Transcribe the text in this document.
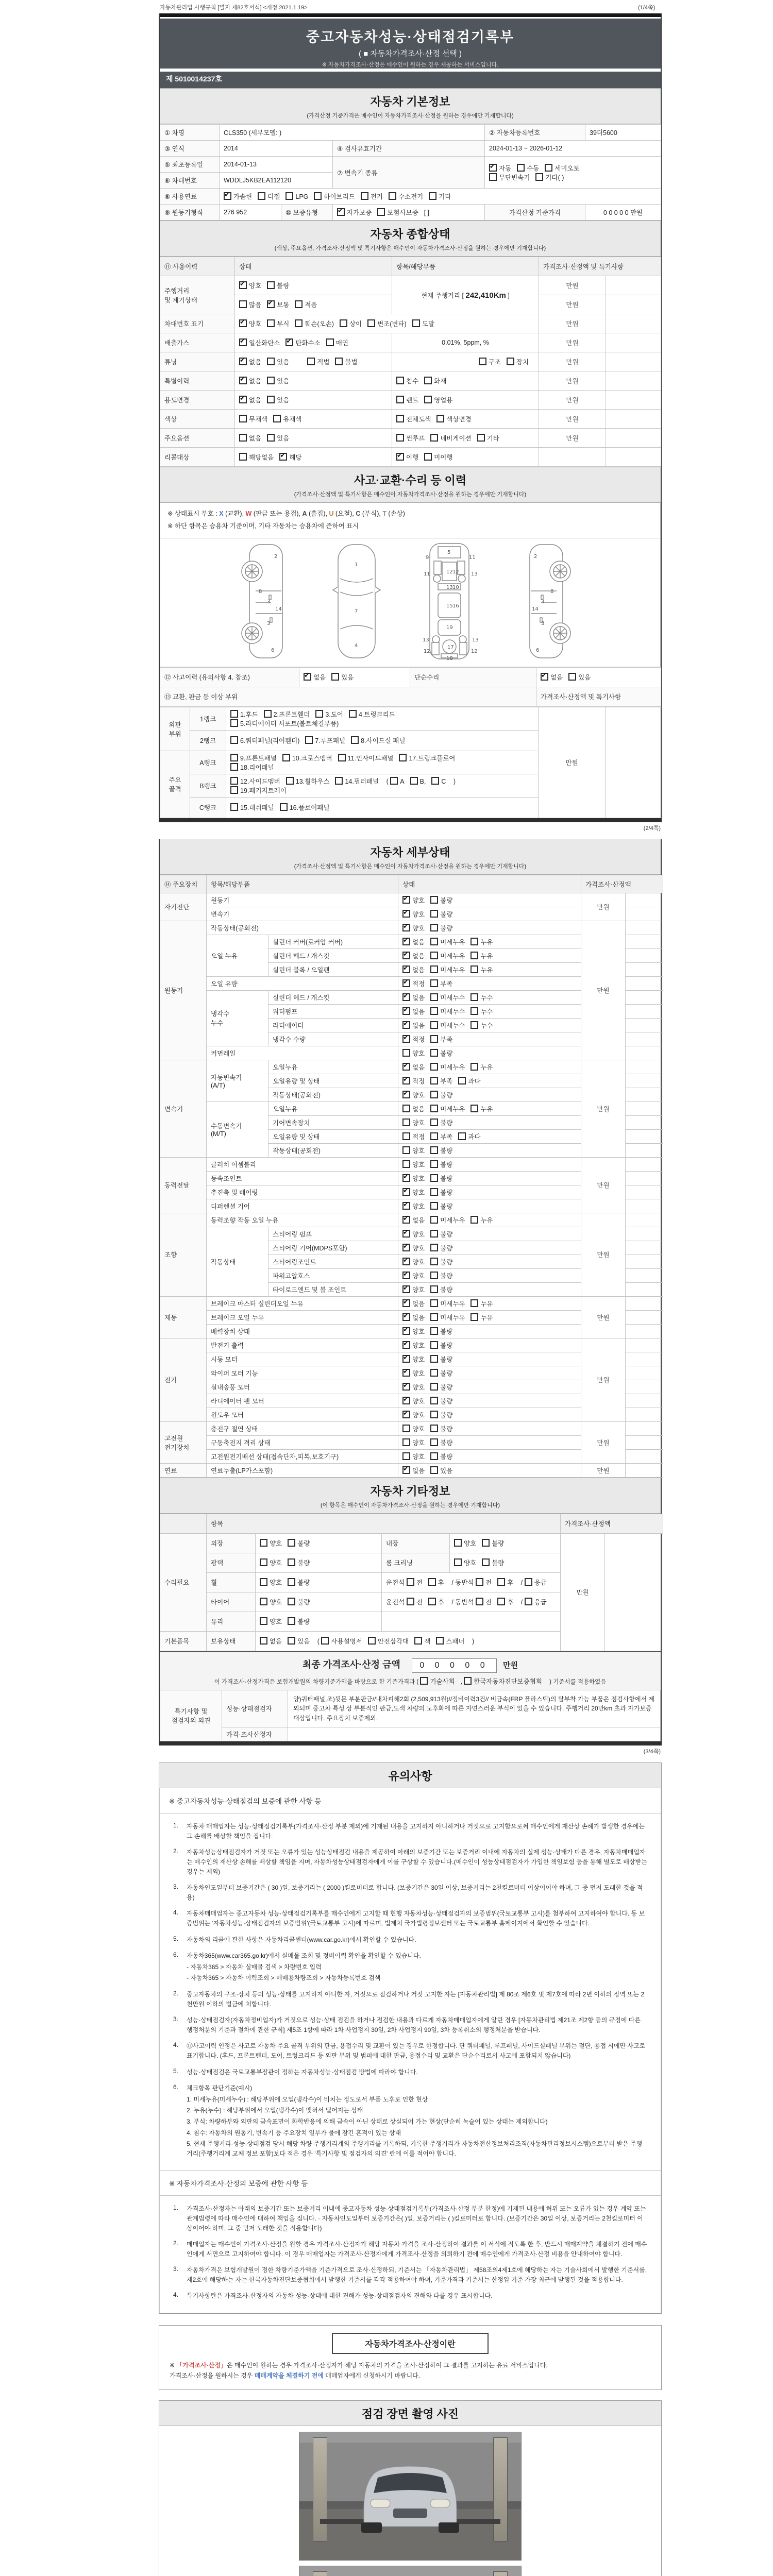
자동차관리법 시행규칙 [별지 제82호서식] <개정 2021.1.19>	(1/4쪽)
중고자동차성능·상태점검기록부
( ■ 자동차가격조사·산정 선택 )
※ 자동차가격조사·산정은 매수인이 원하는 경우 제공하는 서비스입니다.
제 5010014237호
자동차 기본정보
(가격산정 기준가격은 매수인이 자동차가격조사·산정을 원하는 경우에만 기재합니다)
① 차명	CLS350 (세부모델: )			② 자동차등록번호	39더5600
③ 연식	2014		④ 검사유효기간	2024-01-13 ~ 2026-01-12	
⑤ 최초등록일	2014-01-13		⑦ 변속기 종류	✔자동 수동 세미오토
무단변속기 기타( )
⑥ 차대번호	WDDLJ5KB2EA112120				
⑧ 사용연료	✔가솔린 디젤 LPG 하이브리드 전기 수소전기 기타
⑨ 원동기형식	276 952	⑩ 보증유형	✔자가보증 보험사보증 [ ]	가격산정 기준가격	0 0 0 0 0 만원
자동차 종합상태
(색상, 주요옵션, 가격조사·산정액 및 특기사항은 매수인이 자동차가격조사·산정을 원하는 경우에만 기재합니다)
⑪ 사용이력	상태	항목/해당부품	가격조사·산정액 및 특기사항	
주행거리
및 계기상태	✔양호 불량	현재 주행거리 [ 242,410Km ]	만원	
	많음 ✔ 보통 적음		만원	
차대번호 표기	✔양호 부식 훼손(오손) 상이 변조(변타) 도말		만원	
배출가스	✔일산화탄소 ✔ 탄화수소 매연	0.01%, 5ppm, %	만원	
튜닝	✔없음 있음 적법 불법	구조 장치	만원	
특별이력	✔없음 있음	침수 화재	만원	
용도변경	✔없음 있음	렌트 영업용	만원	
색상	무채색 유채색	전체도색 색상변경	만원	
주요옵션	없음 있음	썬루프 네비게이션 기타	만원	
리콜대상	해당없음 ✔ 해당	✔이행 미이행		
사고·교환·수리 등 이력
(가격조사·산정액 및 특기사항은 매수인이 자동차가격조사·산정을 원하는 경우에만 기재합니다)
※ 상태표시 부호 : X (교환), W (판금 또는 용접), A (흠집), U (요철), C (부식), T (손상)
※ 하단 항목은 승용차 기준이며, 기타 자동차는 승용차에 준하여 표시
2
8
3
14
3
6
1
7
4
5
9	11
11	13
12 12
13 10
15 16
13
19
13
12	12
17
18
2
8
3
14
3
6
⑫ 사고이력 (유의사항 4. 참조)	✔없음 있음	단순수리	✔없음 있음
⑬ 교환, 판금 등 이상 부위			가격조사·산정액 및 특기사항
외판
부위	1랭크	1.후드 2.프론트휀더 3.도어 4.트렁크리드
5.라디에이터 서포트(볼트체결부품)	만원	
	2랭크	6.쿼터패널(리어휀더) 7.루프패널 8.사이드실 패널		
주요
골격	A랭크	9.프론트패널 10.크로스멤버 11.인사이드패널 17.트렁크플로어
18.리어패널		
	B랭크	12.사이드멤버 13.휠하우스 14.필러패널 ( A B, C )
19.패키지트레이		
	C랭크	15.대쉬패널 16.플로어패널		
(2/4쪽)
자동차 세부상태
(가격조사·산정액 및 특기사항은 매수인이 자동차가격조사·산정을 원하는 경우에만 기재합니다)
⑭ 주요장치	항목/해당부품		상태	가격조사·산정액	
자기진단	원동기	✔양호 불량	만원	
	변속기	✔양호 불량	
원동기	작동상태(공회전)	✔양호 불량	만원	
	오일 누유	실린더 커버(로커암 커버)	✔없음 미세누유 누유	
		실린더 헤드 / 개스킷	✔없음 미세누유 누유	
		실린더 블록 / 오일팬	✔없음 미세누유 누유	
	오일 유량	✔적정 부족	
	냉각수
누수	실린더 헤드 / 개스킷	✔없음 미세누수 누수	
		워터펌프	✔없음 미세누수 누수	
		라디에이터	✔없음 미세누수 누수	
		냉각수 수량	✔적정 부족	
	커먼레일		양호 불량		
변속기	자동변속기
(A/T)	오일누유	✔없음 미세누유 누유	만원	
		오일유량 및 상태	✔적정 부족 과다	
		작동상태(공회전)	✔양호 불량	
	수동변속기
(M/T)	오일누유	없음 미세누유 누유		
		기어변속장치	양호 불량		
		오일유량 및 상태	적정 부족 과다		
		작동상태(공회전)	양호 불량		
동력전달	클러치 어셈블리		양호 불량	만원	
	등속조인트	✔양호 불량	
	추진축 및 베어링	✔양호 불량	
	디퍼렌셜 기어	✔양호 불량	
조향	동력조향 작동 오일 누유	✔없음 미세누유 누유	만원	
	작동상태	스티어링 펌프	✔양호 불량	
		스티어링 기어(MDPS포함)	✔양호 불량	
		스티어링조인트	✔양호 불량	
		파워고압호스	✔양호 불량	
		타이로드엔드 및 볼 조인트	✔양호 불량	
제동	브레이크 마스터 실린더오일 누유	✔없음 미세누유 누유	만원	
	브레이크 오일 누유	✔없음 미세누유 누유	
	배력장치 상태	✔양호 불량	
전기	발전기 출력	✔양호 불량	만원	
	시동 모터	✔양호 불량	
	와이퍼 모터 기능	✔양호 불량	
	실내송풍 모터	✔양호 불량	
	라디에이터 팬 모터	✔양호 불량	
	윈도우 모터	✔양호 불량	
고전원
전기장치	충전구 절연 상태		양호 불량	만원	
	구동축전지 격리 상태		양호 불량		
	고전원전기배선 상태(접속단자,피복,보호기구)		양호 불량		
연료	연료누출(LP가스포함)	✔없음 있음	만원	
자동차 기타정보
(이 항목은 매수인이 자동차가격조사·산정을 원하는 경우에만 기재합니다)
	항목				가격조사·산정액	
수리필요	외장	양호 불량	내장	양호 불량	만원	
	광택	양호 불량	룸 크리닝	양호 불량		
	휠	양호 불량	운전석 전 후 / 동반석 전 후 / 응급			
	타이어	양호 불량	운전석 전 후 / 동반석 전 후 / 응급			
	유리	양호 불량				
기본품목	보유상태	없음 있음 ( 사용설명서 안전삼각대 잭 스패너 )				
최종 가격조사·산정 금액 0 0 0 0 0 만원
이 가격조사·산정가격은 보험개발원의 차량기준가액을 바탕으로 한 기준가격과 ( 기술사회 , 한국자동차진단보증협회 ) 기준서를 적용하였음
특기사항 및
점검자의 의견	성능·상태점검자	양)쿼터패널,조)뒷문 부분판금//내차피해2회 (2,509,913원)//정비이력3건// 비금속(FRP 플라스틱)의 탈부착 가능 부품은 점검사항에서 제외되며 중고차 특성 상 부분적인 판금,도색 차량의 노후화에 따른 자연스러운 부식이 있을 수 있습니다. 주행거리 20만km 초과 자가보증 대상입니다. 주요장치 보증제외.
	가격·조사산정자	
(3/4쪽)
유의사항
※ 중고자동차성능·상태점검의 보증에 관한 사항 등
1.	자동차 매매업자는 성능·상태점검기록부(가격조사·산정 부분 제외)에 기재된 내용을 고지하지 아니하거나 거짓으로 고지함으로써 매수인에게 재산상 손해가 발생한 경우에는 그 손해를 배상할 책임을 집니다.
2.	자동차성능상태점검자가 거짓 또는 오류가 있는 성능상태점검 내용을 제공하여 아래의 보증기간 또는 보증거리 이내에 자동차의 실제 성능·상태가 다른 경우, 자동차매매업자는 매수인의 재산상 손해를 배상할 책임을 지며, 자동차성능상태점검자에게 이를 구상할 수 있습니다.(매수인이 성능상태점검자가 가입한 책임보험 등을 통해 별도로 배상받는 경우는 제외)
3.	자동차인도일부터 보증기간은 ( 30 )일, 보증거리는 ( 2000 )킬로미터로 합니다. (보증기간은 30일 이상, 보증거리는 2천킬로미터 이상이어야 하며, 그 중 먼저 도래한 것을 적용)
4.	자동차매매업자는 중고자동차 성능·상태점검기록부를 매수인에게 고지할 때 현행 자동차성능·상태점검자의 보증범위(국토교통부 고시)를 첨부하여 고지하여야 합니다. 동 보증범위는 '자동차성능·상태점검자의 보증범위'(국토교통부 고시)에 따르며, 법제처 국가법령정보센터 또는 국토교통부 홈페이지에서 확인할 수 있습니다.
5.	자동차의 리콜에 관한 사항은 자동차리콜센터(www.car.go.kr)에서 확인할 수 있습니다.
6.	자동차365(www.car365.go.kr)에서 실매물 조회 및 정비이력 확인을 확인할 수 있습니다.
- 자동차365 > 자동차 실매물 검색 > 차량번호 입력
- 자동차365 > 자동차 이력조회 > 매매용차량조회 > 자동차등록번호 검색
2.	중고자동차의 구조·장치 등의 성능·상태를 고지하지 아니한 자, 거짓으로 점검하거나 거짓 고지한 자는 [자동차관리법] 제 80조 제6호 및 제7호에 따라 2년 이하의 징역 또는 2천만원 이하의 벌금에 처합니다.
3.	성능·상태점검자(자동차정비업자)가 거짓으로 성능·상태 점검을 하거나 점검한 내용과 다르게 자동차매매업자에게 알린 경우 [자동차관리법 제21조 제2항 등의 규정에 따른 행정처분의 기준과 절차에 관한 규칙] 제5조 1항에 따라 1차 사업정지 30일, 2차 사업정지 90일, 3차 등록취소의 행정처분을 받습니다.
4.	⑫사고이력 인정은 사고로 자동차 주요 골격 부위의 판금, 용접수리 및 교환이 있는 경우로 한정합니다. 단 쿼터패널, 루프패널, 사이드실패널 부위는 절단, 용접 시에만 사고로 표기합니다. (후드, 프론트펜더, 도어, 트렁크리드 등 외판 부위 및 범퍼에 대한 판금, 용접수리 및 교환은 단순수리로서 사고에 포함되지 않습니다)
5.	성능·상태점검은 국토교통부장관이 정하는 자동차성능·상태점검 방법에 따라야 합니다.
6.	체크항목 판단기준(예시)
1. 미세누유(미세누수) : 해당부위에 오일(냉각수)이 비치는 정도로서 부품 노후로 인한 현상
2. 누유(누수) : 해당부위에서 오일(냉각수)이 맺혀서 떨어지는 상태
3. 부식: 차량하부와 외판의 금속표면이 화학반응에 의해 금속이 아닌 상태로 상실되어 가는 현상(단순히 녹슬어 있는 상태는 제외합니다)
4. 침수: 자동차의 원동기, 변속기 등 주요장치 일부가 물에 잠긴 흔적이 있는 상태
5. 현재 주행거리·성능·상태점검 당시 해당 차량 주행거리계의 주행거리를 기록하되, 기록한 주행거리가 자동차전산정보처리조직(자동차관리정보시스템)으로부터 받은 주행거리(주행거리계 교체 정보 포함)보다 적은 경우 '특기사항 및 점검자의 의견' 란에 이를 적어야 합니다.
※ 자동차가격조사·산정의 보증에 관한 사항 등
1.	가격조사·산정자는 아래의 보증기간 또는 보증거리 이내에 중고자동차 성능·상태점검기록부(가격조사·산정 부분 한정)에 기재된 내용에 허위 또는 오류가 있는 경우 계약 또는 관계법령에 따라 매수인에 대하여 책임을 집니다. · 자동차인도일부터 보증기간은( )일, 보증거리는 ( )킬로미터로 합니다. (보증기간은 30일 이상, 보증거리는 2천킬로미터 이상이어야 하며, 그 중 먼저 도래한 것을 적용합니다)
2.	매매업자는 매수인이 가격조사·산정을 원할 경우 가격조사·산정자가 해당 자동차 가격을 조사·산정하여 결과를 이 서식에 적도록 한 후, 반드시 매매계약을 체결하기 전에 매수인에게 서면으로 고지하여야 합니다. 이 경우 매매업자는 가격조사·산정자에게 가격조사·산정을 의뢰하기 전에 매수인에게 가격조사·산정 비용을 안내하여야 합니다.
3.	자동차가격은 보험개발원이 정한 차량기준가액을 기준가격으로 조사·산정하되, 기준서는 「자동차관리법」 제58조의4제1호에 해당하는 자는 기술사회에서 발행한 기준서를, 제2호에 해당하는 자는 한국자동차진단보증협회에서 발행한 기준서를 각각 적용하여야 하며, 기준가격과 기준서는 산정일 기준 가장 최근에 발행된 것을 적용합니다.
4.	특기사항란은 가격조사·산정자의 자동차 성능·상태에 대한 견해가 성능·상태점검자의 견해와 다를 경우 표시합니다.
자동차가격조사·산정이란
※ 「가격조사·산정」은 매수인이 원하는 경우 가격조사·산정자가 해당 자동차의 가격을 조사·산정하여 그 결과를 고지하는 유료 서비스입니다.
가격조사·산정을 원하시는 경우 매매계약을 체결하기 전에 매매업자에게 신청하시기 바랍니다.
점검 장면 촬영 사진
